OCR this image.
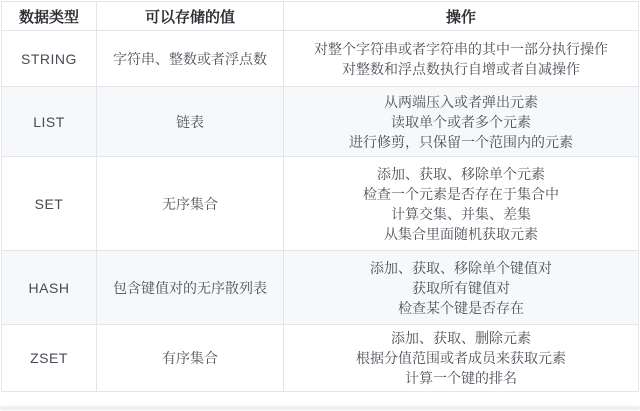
数据类型	可以存储的值	操作
STRING	字符串、整数或者浮点数	对整个字符串或者字符串的其中一部分执行操作
对整数和浮点数执行自增或者自减操作

LIST	链表	从两端压入或者弹出元素
读取单个或者多个元素
进行修剪，只保留一个范围内的元素

SET	无序集合	添加、获取、移除单个元素
检查一个元素是否存在于集合中
计算交集、并集、差集
从集合里面随机获取元素

HASH	包含键值对的无序散列表	添加、获取、移除单个键值对
获取所有键值对
检查某个键是否存在

ZSET	有序集合	添加、获取、删除元素
根据分值范围或者成员来获取元素
计算一个键的排名
